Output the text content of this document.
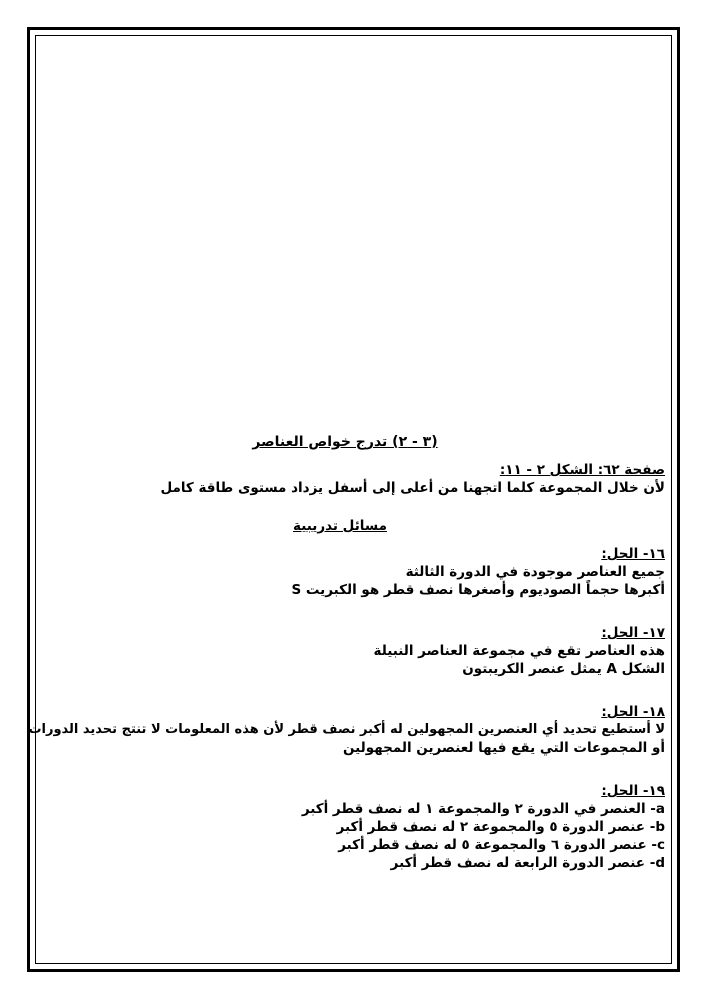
(٣ - ٢) تدرج خواص العناصر
صفحة ٦٢: الشكل ٢ - ١١:
لأن خلال المجموعة كلما اتجهنا من أعلى إلى أسفل يزداد مستوى طاقة كامل
مسائل تدريبية
١٦- الحل:
جميع العناصر موجودة في الدورة الثالثة
أكبرها حجماً الصوديوم وأصغرها نصف قطر هو الكبريت S
١٧- الحل:
هذه العناصر تقع في مجموعة العناصر النبيلة
الشكل A يمثل عنصر الكريبتون
١٨- الحل:
لا أستطيع تحديد أي العنصرين المجهولين له أكبر نصف قطر لأن هذه المعلومات لا تنتج تحديد الدورات
أو المجموعات التي يقع فيها لعنصرين المجهولين
١٩- الحل:
a- العنصر في الدورة ٢ والمجموعة ١ له نصف قطر أكبر
b- عنصر الدورة ٥ والمجموعة ٢ له نصف قطر أكبر
c- عنصر الدورة ٦ والمجموعة ٥ له نصف قطر أكبر
d- عنصر الدورة الرابعة له نصف قطر أكبر
